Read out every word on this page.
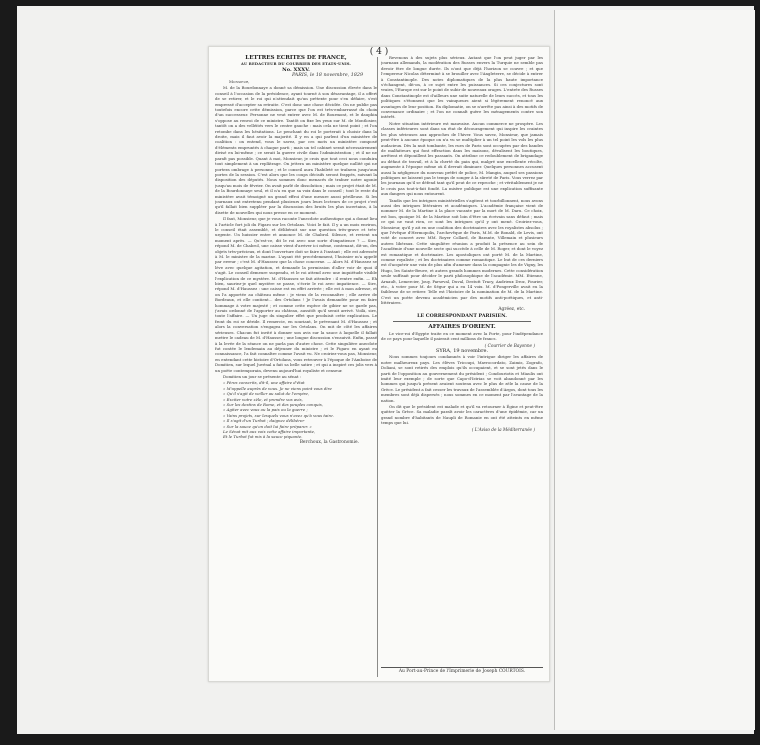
( 4 )
LETTRES ECRITES DE FRANCE,
AU REDACTEUR DU COURRIER DES ETATS-UNIS.
No. XXXV.
PARIS, le 18 novembre, 1829
Monsieur,

M. de la Bourdonnaye a donné sa démission. Une discussion élevée dans le conseil à l'occasion de la présidence, ayant tourné à son désavantage, il a offert de se retirer, et le roi qui n'attendait qu'un prétexte pour s'en défaire, s'est empressé d'accepter sa retraite. C'est donc une chose décidée. On ne publie pas toutefois encore cette démission, parce que l'on est très-embarrassé du choix d'un successeur. Personne ne veut entrer avec M. de Bourmont, et le dauphin s'oppose au renvoi de ce ministre. Tantôt on fixe les yeux sur M. de Montlosier, tantôt on a des velléités vers le centre gauche : mais cela ne tient point ; et l'on retombe dans les hésitations. Le penchant du roi le porterait à choisir dans la droite, mais il faut avoir la majorité. Il y en a qui parlent d'un ministère de coalition : on entend, vous le savez, par ces mots un ministère composé d'éléments empruntés à chaque parti ; mais un tel cabinet serait nécessairement divisé en lui-même ; ce serait la guerre civile dans l'administration ; et il ne ne paraît pas possible. Quant à moi, Monsieur, je crois que tout ceci nous conduira tout simplement à un replâtrage. On jettera un ministère quelque nullité qui ne portera ombrage à personne ; et le conseil aura l'habileté se traînera jusqu'aux portes de la session. C'est alors que les coups décisifs seront frappés, suivant la disposition des députés. Nous sommes donc menacés de traîner notre agonie jusqu'au mois de février. On avait parlé de dissolution ; mais ce projet était de M. de la Bourdonnaye seul, et il n'a eu que sa voix dans le conseil ; tout le reste du ministère avait témoigné un grand effroi d'une mesure aussi périlleuse. Si les journaux ont entretenu pendant plusieurs jours leurs lecteurs de ce projet c'est qu'il fallait bien suppléer par la discussion des bruits les plus incertains, à la disette de nouvelles qui nous presse en ce moment.

Il faut, Monsieur, que je vous raconte l'anecdote authentique qui a donné lieu à l'article fort joli du Figaro sur les Ortolans. Voici le fait. Il y a un mois environ, le conseil était assemblé, et délibérait sur une question très-grave et très-urgente. Un huissier entre et annonce M. de Chabrol. Silence, et revient un moment après. — Qu'est-ce, dit le roi avec une sorte d'impatience ? — Sire, répond M. de Chabrol, une caisse vient d'arriver ici même, contenant, dit-on, des objets très-précieux, et dont l'ouverture doit se faire à l'instant ; elle est adressée à M. le ministre de la marine. L'ayant été precédemment, l'huissier m'a appelé par erreur ; c'est M. d'Haussez que la chose concerne. — Alors M. d'Haussez se lève avec quelque agitation, et demande la permission d'aller voir de quoi il s'agit. Le conseil demeure suspendu, et le roi attend avec une inquiétude visible l'explication de ce mystère. M. d'Haussez se fait attendre : il rentre enfin. — Eh bien, sauriez-je quel mystère se passe, s'écrie le roi avec impatience. — Sire, répond M. d'Haussez : une caisse est en effet arrivée ; elle est à mon adresse, et on l'a apportée au château même : je viens de la reconnaître ; elle arrive de Bordeaux, et elle contient... des Ortolans ! Je l'avais demandée pour en faire hommage à votre majesté ; et comme cette espèce de gibier ne se garde pas, j'avais ordonné de l'apporter au château, aussitôt qu'il serait arrivé. Voilà, sire, toute l'affaire. — Un juge du singulier effet que produisit cette explication. Le front du roi se déride. Il remercie, en souriant, le prévenant M. d'Haussez ; et alors la conversation s'engagea sur les Ortolans. On mit de côté les affaires sérieuses. Chacun fut invité à donner son avis sur la sauce à laquelle il fallait mettre le cadeau de M. d'Haussez ; une longue discussion s'ensuivit. Enfin, passé à la levée de la séance on ne parla pas d'autre chose. Cette singulière anecdote fut contée le lendemain au déjeuner du ministre ; et le Figaro en ayant eu connaissance, l'a fait connaître comme l'avait vu. Ne croiriez-vous pas, Monsieur, en entendant cette histoire d'Ortolans, vous retrouver à l'époque de l'Amboise de Domitien, sur lequel Juvénal a fait sa belle satire ; et qui a inspiré ces jolis vers à un poète contemporain, devenu aujourd'hui royaliste et censeur.

Domitien un jour se présente au sénat :

« Pères conscrits, dit-il, une affaire d'état
» M'appelle auprès de vous. Je ne viens point vous dire
» Qu'il s'agit de veiller au salut de l'empire,
» Exciter votre zèle, et prendre vos avis,
» Sur les destins de Rome, et des peuples conquis,
» Agiter avec vous ou la paix ou la guerre ;
» Vains projets, sur lesquels vous n'avez qu'à vous taire.
» Il s'agit d'un Turbot ; daignez délibérer
» Sur la sauce qu'on doit lui faire préparer. »
Le Sénat mit aux voix cette affaire importante,
Et le Turbot fut mis à la sauce piquante.
Berchoux, la Gastronomie.

Revenons à des sujets plus sérieux. Autant que l'on peut juger par les journaux allemands, la modération des Russes envers la Turquie ne semble pas devoir être de longue durée. Ils n'ont que déjà l'horizon se couvre ; et que l'empereur Nicolas déterminé à se brouiller avec l'Angleterre, se décide à entrer à Constantinople. Des notes diplomatiques de la plus haute importance s'échangent, dit-on, à ce sujet entre les puissances. Si ces conjectures sont vraies, l'Europe est sur le point de subir de nouveaux orages. L'entrée des Russes dans Constantinople est d'ailleurs une suite naturelle de leurs succès, et tous les politiques s'étonnent que les vainqueurs aient si légèrement renoncé aux avantages de leur position. En diplomatie, on se n'arrête pas ainsi à des motifs de convenance ordinaire ; et l'on ne connaît guère les ménagements contre son intérêt.

Notre situation intérieure est mauvaise. Aucun commerce ne prospère. Les classes inférieures sont dans un état de découragement qui inspire les craintes les plus sérieuses aux approches de l'hiver. Vous savez, Monsieur, que jamais peut-être à aucune époque on n'a vu se multiplier à un tel point les vols les plus audacieux. Dès la nuit tombante, les rues de Paris sont occupées par des bandes de malfaiteurs qui font effraction dans les maisons, dévalisent les boutiques, arrêtent et dépouillent les passants. On attribue ce redoublement de brigandage au défaut de travail, et à la cherté du pain qui, malgré une excellente récolte, augmente à l'époque même où il devrait diminuer. Quelques personnes accusent aussi la négligence du nouveau préfet de police, M. Mangin, auquel ses passions politiques ne laissent pas le temps de songer à la sûreté de Paris. Vous verrez par les journaux qu'il se défend tant qu'il peut de ce reproche ; et véritablement je ne le crois pas tout-à-fait fondé. La misère publique est une explication suffisante aux dangers qui nous entourent.

Tandis que les intrigues ministérielles s'agitent et tourbillonnent, nous avons aussi des intrigues littéraires et académiques. L'académie française vient de nommer M. de la Martine à la place vacante par la mort de M. Daru. Ce choix, est bon, quoique M. de la Martine soit loin d'être un écrivain sans défaut ; mais ce qui ne vaut rien, ce sont les intrigues qu'il y ont mené. Croiriez-vous, Monsieur, qu'il y ait en une coalition des doctrinaires avec les royalistes absolus ; que l'évêque d'Hermopolis, l'archevêque de Paris, M.M. de Bonald, de Levis, ont voté de concert avec MM. Royer Collard, de Barante, Villemain et plusieurs autres libéraux. Cette singulière réunion a produit la présence au sein de l'académie d'une nouvelle secte qui succède à celle de M. Roger, et dont le voyez est romantique et doctrinaire. Les apostoliques ont porté M. de la Martine, comme royaliste ; et les doctrinaires comme romantique. Le but de ces derniers est d'acquérir une voix de plus afin d'amener dans la compagnie les de Vigny, les Hugo, les Sainte-Beuve, et autres grands hommes modernes. Cette considération seule suffisait pour décider le parti philosophique de l'académie. MM. Etienne, Arnault, Lemercier, Jouy, Parseval, Duval, Destutt Tracy, Andrieux Droz, Fourier, etc., à voter pour M. de Ségur qui a eu 14 voix. M. d'Pongerville avait eu la faiblesse de se retirer. Telle est l'histoire de la nomination de M. de la Martine. C'est un poète devenu académicien par des motifs anti-poétiques, et anti-littéraires.

Agréez, etc.
LE CORRESPONDANT PARISIEN.
AFFAIRES D'ORIENT.

Le vice-roi d'Egypte traite en ce moment avec la Porte, pour l'indépendance de ce pays pour laquelle il paierait cent millions de francs.

( Courrier de Bayonne )
SYRA, 19 novembre.

Nous sommes toujours condamnés à voir l'intrigue diriger les affaires de notre malheureux pays. Les élèves Tricoupi, Mavrocordato, Zaimis, Zografo, Doliani, se sont retirés des emplois qu'ils occupaient, et se sont jetés dans le parti de l'opposition au gouvernement du président ; Condouriotis et Miaulis ont imité leur exemple ; de sorte que Capo-d'Istrias se voit abandonné par les hommes qui jusqu'à présent avaient soutenu avec le plus de zèle la cause de la Grèce. Le président a fait cesser les travaux de l'assemblée d'Argos, dont tous les membres sont déjà dispersés ; nous sommes en ce moment par l'avantage de la nation.

On dit que le président est malade et qu'il va retourner à Égine et peut-être quitter la Grèce. Sa maladie paraît avoir les caractères d'une épidémie, car un grand nombre d'habitants de Naupli de Romanie en ont été atteints en même temps que lui.

( L'Aviso de la Méditerranée )
Au Port-au-Prince de l'Imprimerie de Joseph COURTOIS.
